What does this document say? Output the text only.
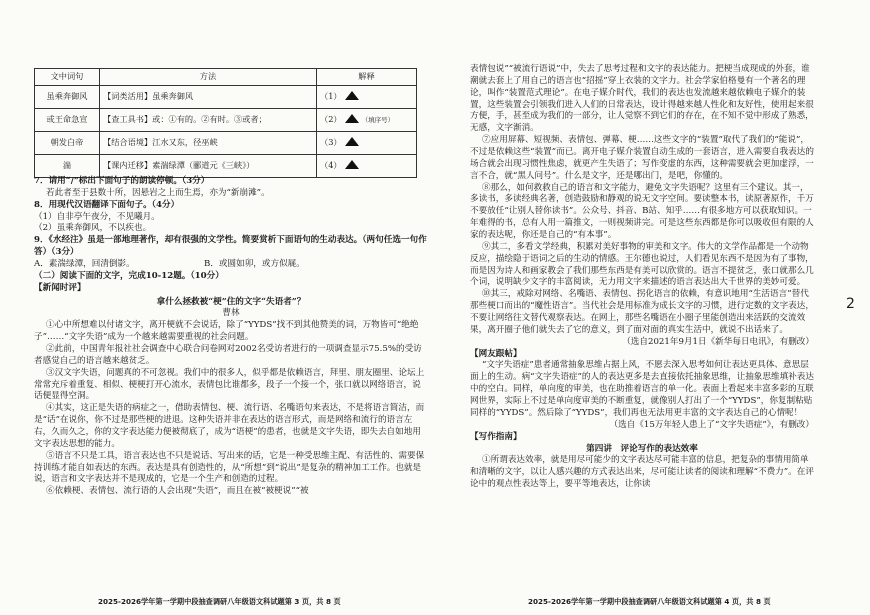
文中词句	方法	解释
虽乘奔御风	【词类活用】虽乘奔御风	（1）
或王命急宣	【查工具书】或：①有的。②有时。③或者；	（2） （填序号）
朝发白帝	【结合语境】江水又东，径巫峡	（3）
湍	【课内迁移】素湍绿潭（郦道元《三峡》）	（4）

7．请用“/”标出下面句子的朗读停顿。（3分）

若此者至于县数十所，因悬岩之上而生焉，亦为“新崩滩”。

8．用现代汉语翻译下面句子。（4分）

（1）自非亭午夜分，不见曦月。

（2）虽乘奔御风，不以疾也。

9．《水经注》虽是一部地理著作，却有很强的文学性。简要赏析下面语句的生动表达。（两句任选一句作答）（3分）

A．素湍绿潭，回清倒影。	B．或圆如卯，或方似屣。

（二）阅读下面的文字，完成10-12题。（10分）

【新闻时评】

拿什么拯救被“梗”住的文字“失语者”？

曹林

①心中所想难以付诸文字，离开梗就不会说话，除了“YYDS”找不到其他赞美的词，万物皆可“绝绝子”……“文字失语”成为一个越来越需要重视的社会问题。

②此前，中国青年报社社会调查中心联合问卷网对2002名受访者进行的一项调查显示75.5%的受访者感觉自己的语言越来越贫乏。

③汉文字失语，问题真的不可忽视。我们中的很多人，似乎都是依赖语言，拜里、朋友圈里、论坛上常常充斥着重复、相似、梗梗打开心流水，表情包比谁都多，段子一个接一个，张口就以网络语言，说话便显得空洞。

④其实，这正是失语的病症之一，借助表情包、梗、流行语、名嘴语句来表达，不是将语言简洁，而是“话”在说你，你不过是那些梗的进退。这种失语并非在表达的语言形式，而是网络和流行的语言左右，久而久之，你的文字表达能力便被彻底了，成为“语梗”的患者，也就是文字失语，即失去自如地用文字表达思想的能力。

⑤语言不只是工具，语言表达也不只是说话、写出来的话，它是一种受思维主配、有活性的、需要保持训练才能自如表达的东西。表达是具有创造性的，从“所想”到“说出”是复杂的精神加工工作。也就是说，语言和文字表达并不是现成的，它是一个生产和创造的过程。

⑥依赖梗、表情包、流行语的人会出现“失语”，而且在被“被梗说”“被

2025-2026学年第一学期中段抽查调研八年级语文科试题第 3 页，共 8 页

表情包说”“被流行语说”中，失去了思考过程和文字的表达能力。把梗当成现成的外套，谁潮就去套上了用自己的语言也“招摇”穿上衣装的文字力。社会学家伯格曼有一个著名的理论，叫作“装置范式理论”。在电子媒介时代，我们的表达也发流越来越依赖电子媒介的装置，这些装置会引领我们进入人们的日常表达，设计得越来越人性化和友好性，使用起来很方便，手，甚至成为我们的一部分，让人觉察不到它们的存在，在不知不觉中形成了熟悉，无感，文字渐消。

⑦应用屏幕、短视频、表情包、弹幕、梗……这些文字的“装置”取代了我们的“能说”，不过是依赖这些“装置”而已。离开电子媒介装置自动生成的一套语言，进入需要自我表达的场合就会出现习惯性焦虑，就更产生失语了；写作变虚的东西，这种需要就会更加虚浮，一言不合，就“黑人问号”。什么是文字，还是哪出门，是吧，你懂的。

⑧那么，如何救救自己的语言和文字能力，避免文字失语呢？这里有三个建议。其一，多读书，多读经典名著，创造鼓励和静观的说无文字空间。要读整本书，读原著原作，千万不要放任“让别人替你读书”。公众号、抖音、B站、知乎……有很多地方可以获取知识。一年难得的书，总有人用一篇推文，一则视频讲完。可是这些东西都是你可以吸收但有限的人家的表达呢，你还是自己的“有本事”。

⑨其二，多看文学经典，积累对美好事物的审美和文字。伟大的文学作品都是一个动物反应，描绘隐于语词之后的生动的情感。王尔德也说过，人们看见东西不是因为有了事物，而是因为诗人和画家教会了我们那些东西是有美可以欣赏的。语言不提贫乏，张口就那么几个词，说明缺少文字的丰富阅读，无力用文字来描述的语言表达出大千世界的美妙可爱。

⑩其三，戒除对网络、名嘴语、表情包、拐化语言的依赖，有意识地用“生活语言”替代那些梗口而出的“魔性语言”。当代社会是用标准为成长文字的习惯，进行定数的文字表达，不要让网络往文替代观察表达。在网上，那些名嘴语在小圈子里能创造出来活跃的交流效果，离开圈子他们就失去了它的意义，到了面对面的真实生活中，就说不出话来了。

（选自2021年9月1日《新华每日电讯》，有删改）

【网友跟帖】

“文字失语症”患者通常抽象思维占据上风，不愿去深入思考如何让表达更具体、意思层面上的生动。病“文字失语症”的人的表达更多是去直接依托抽象思维，让抽象思维填补表达中的空白。同样，单向度的审美，也在助推着语言的单一化。表面上看起来丰富多彩的互联网世界，实际上不过是单向度审美的不断重复，就像别人打出了一个“YYDS”，你复制粘贴同样的“YYDS”。然后除了“YYDS”，我们再也无法用更丰富的文字表达自己的心情呢！

（选自《15万年轻人患上了“文字失语症”》，有删改）

【写作指南】

第四讲　评论写作的表达效率

①所谓表达效率，就是用尽可能少的文字表达尽可能丰富的信息，把复杂的事情用简单和清晰的文字，以让人感兴趣的方式表达出来，尽可能让读者的阅读和理解“不费力”。在评论中的观点性表达等上，要平等地表达，让你读

2025-2026学年第一学期中段抽查调研八年级语文科试题第 4 页，共 8 页
2
